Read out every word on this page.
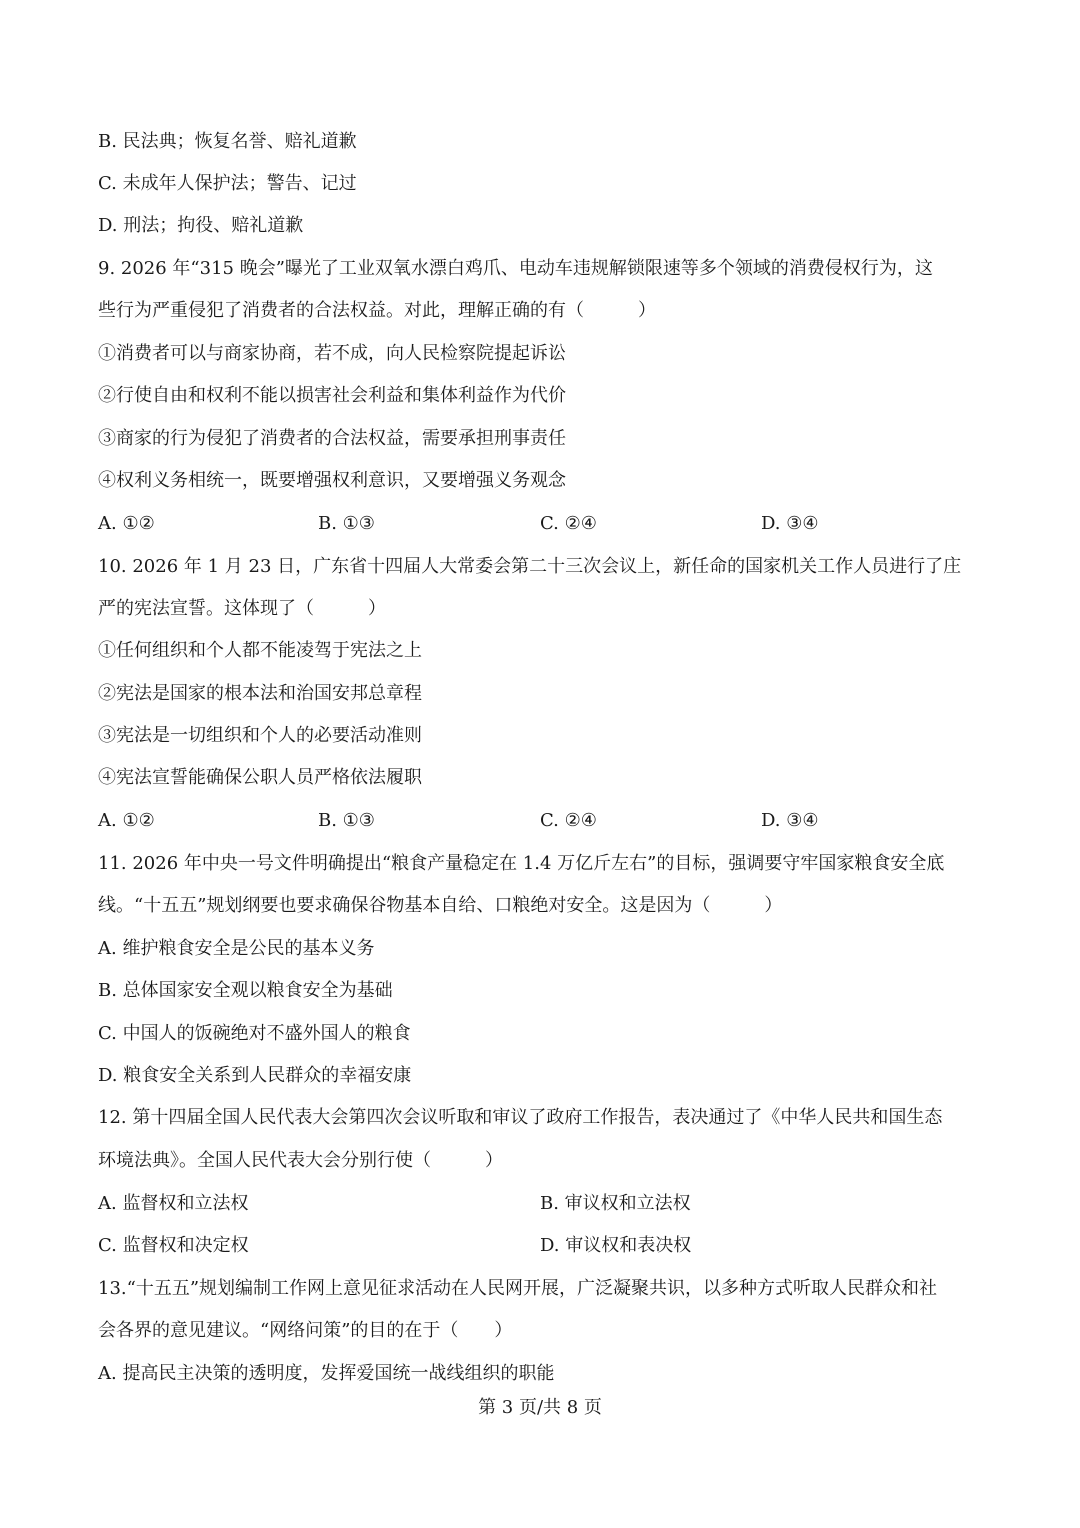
B. 民法典；恢复名誉、赔礼道歉
C. 未成年人保护法；警告、记过
D. 刑法；拘役、赔礼道歉
9. 2026 年“315 晚会”曝光了工业双氧水漂白鸡爪、电动车违规解锁限速等多个领域的消费侵权行为，这
些行为严重侵犯了消费者的合法权益。对此，理解正确的有（　　　）
①消费者可以与商家协商，若不成，向人民检察院提起诉讼
②行使自由和权利不能以损害社会利益和集体利益作为代价
③商家的行为侵犯了消费者的合法权益，需要承担刑事责任
④权利义务相统一，既要增强权利意识，又要增强义务观念
A. ①②	B. ①③	C. ②④	D. ③④
10. 2026 年 1 月 23 日，广东省十四届人大常委会第二十三次会议上，新任命的国家机关工作人员进行了庄
严的宪法宣誓。这体现了（　　　）
①任何组织和个人都不能凌驾于宪法之上
②宪法是国家的根本法和治国安邦总章程
③宪法是一切组织和个人的必要活动准则
④宪法宣誓能确保公职人员严格依法履职
A. ①②	B. ①③	C. ②④	D. ③④
11. 2026 年中央一号文件明确提出“粮食产量稳定在 1.4 万亿斤左右”的目标，强调要守牢国家粮食安全底
线。“十五五”规划纲要也要求确保谷物基本自给、口粮绝对安全。这是因为（　　　）
A. 维护粮食安全是公民的基本义务
B. 总体国家安全观以粮食安全为基础
C. 中国人的饭碗绝对不盛外国人的粮食
D. 粮食安全关系到人民群众的幸福安康
12. 第十四届全国人民代表大会第四次会议听取和审议了政府工作报告，表决通过了《中华人民共和国生态
环境法典》。全国人民代表大会分别行使（　　　）
A. 监督权和立法权	B. 审议权和立法权
C. 监督权和决定权	D. 审议权和表决权
13.“十五五”规划编制工作网上意见征求活动在人民网开展，广泛凝聚共识，以多种方式听取人民群众和社
会各界的意见建议。“网络问策”的目的在于（　　）
A. 提高民主决策的透明度，发挥爱国统一战线组织的职能
第 3 页/共 8 页
